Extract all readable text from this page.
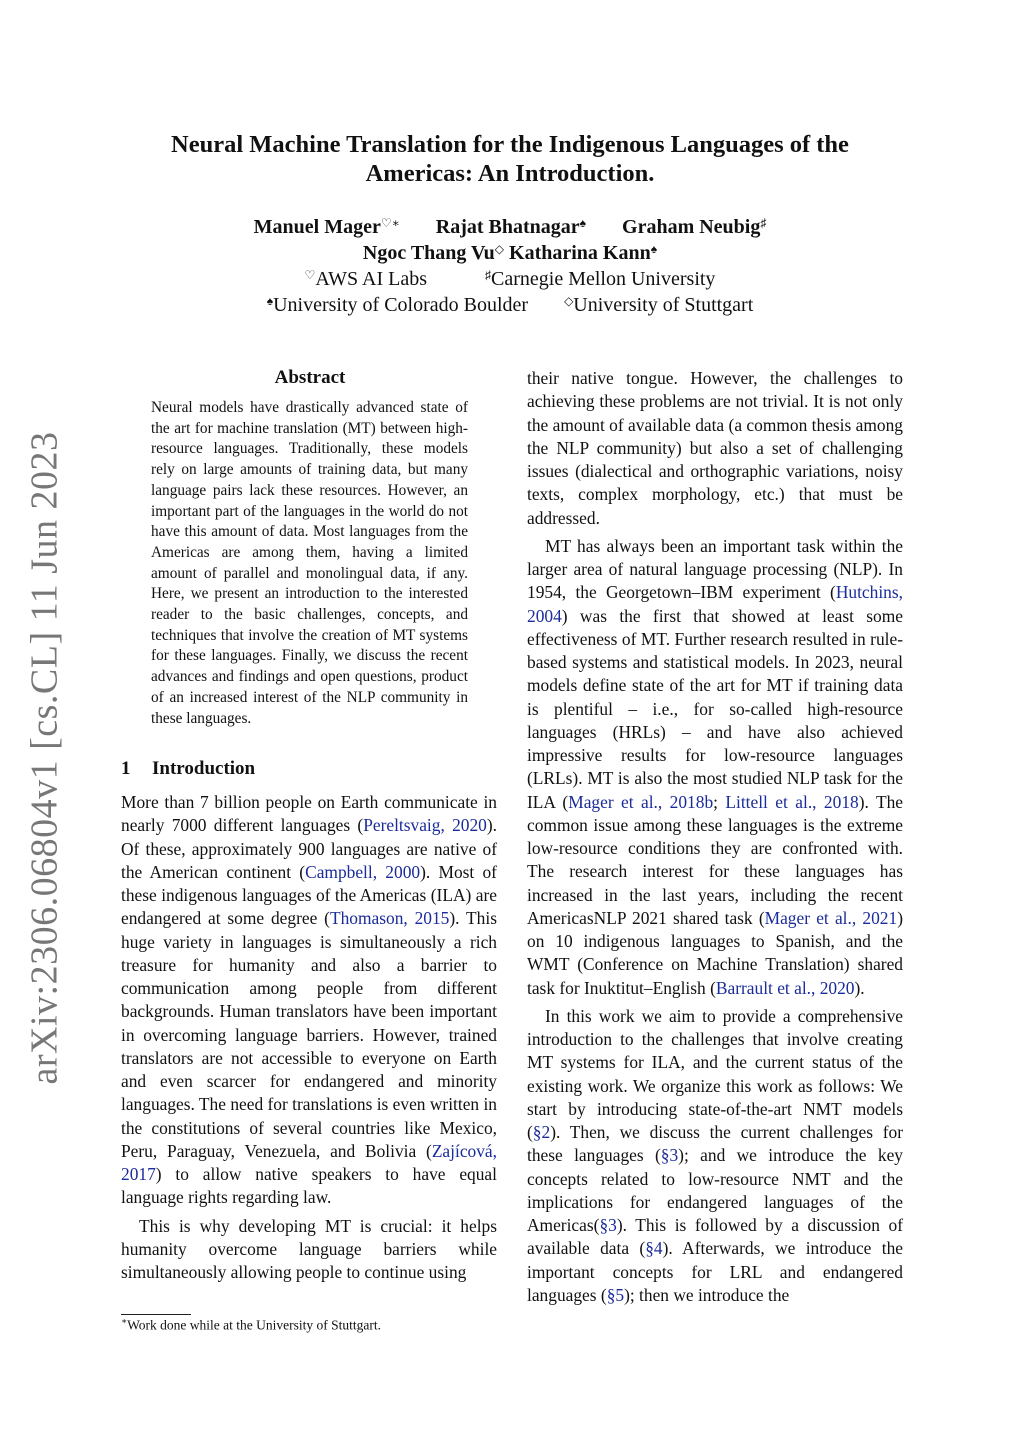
arXiv:2306.06804v1 [cs.CL] 11 Jun 2023
Neural Machine Translation for the Indigenous Languages of the Americas: An Introduction.
Manuel Mager♡∗ Rajat Bhatnagar♠ Graham Neubig♯
Ngoc Thang Vu◇ Katharina Kann♠
♡AWS AI Labs	♯Carnegie Mellon University
♠University of Colorado Boulder	◇University of Stuttgart
Abstract

Neural models have drastically advanced state of the art for machine translation (MT) between high-resource languages. Traditionally, these models rely on large amounts of training data, but many language pairs lack these resources. However, an important part of the languages in the world do not have this amount of data. Most languages from the Americas are among them, having a limited amount of parallel and monolingual data, if any. Here, we present an introduction to the interested reader to the basic challenges, concepts, and techniques that involve the creation of MT systems for these languages. Finally, we discuss the recent advances and findings and open questions, product of an increased interest of the NLP community in these languages.

1 Introduction

More than 7 billion people on Earth communicate in nearly 7000 different languages (Pereltsvaig, 2020). Of these, approximately 900 languages are native of the American continent (Campbell, 2000). Most of these indigenous languages of the Americas (ILA) are endangered at some degree (Thomason, 2015). This huge variety in languages is simultaneously a rich treasure for humanity and also a barrier to communication among people from different backgrounds. Human translators have been important in overcoming language barriers. However, trained translators are not accessible to everyone on Earth and even scarcer for endangered and minority languages. The need for translations is even written in the constitutions of several countries like Mexico, Peru, Paraguay, Venezuela, and Bolivia (Zajícová, 2017) to allow native speakers to have equal language rights regarding law.

This is why developing MT is crucial: it helps humanity overcome language barriers while simultaneously allowing people to continue using

∗Work done while at the University of Stuttgart.

their native tongue. However, the challenges to achieving these problems are not trivial. It is not only the amount of available data (a common thesis among the NLP community) but also a set of challenging issues (dialectical and orthographic variations, noisy texts, complex morphology, etc.) that must be addressed.

MT has always been an important task within the larger area of natural language processing (NLP). In 1954, the Georgetown–IBM experiment (Hutchins, 2004) was the first that showed at least some effectiveness of MT. Further research resulted in rule-based systems and statistical models. In 2023, neural models define state of the art for MT if training data is plentiful – i.e., for so-called high-resource languages (HRLs) – and have also achieved impressive results for low-resource languages (LRLs). MT is also the most studied NLP task for the ILA (Mager et al., 2018b; Littell et al., 2018). The common issue among these languages is the extreme low-resource conditions they are confronted with. The research interest for these languages has increased in the last years, including the recent AmericasNLP 2021 shared task (Mager et al., 2021) on 10 indigenous languages to Spanish, and the WMT (Conference on Machine Translation) shared task for Inuktitut–English (Barrault et al., 2020).

In this work we aim to provide a comprehensive introduction to the challenges that involve creating MT systems for ILA, and the current status of the existing work. We organize this work as follows: We start by introducing state-of-the-art NMT models (§2). Then, we discuss the current challenges for these languages (§3); and we introduce the key concepts related to low-resource NMT and the implications for endangered languages of the Americas(§3). This is followed by a discussion of available data (§4). Afterwards, we introduce the important concepts for LRL and endangered languages (§5); then we introduce the
